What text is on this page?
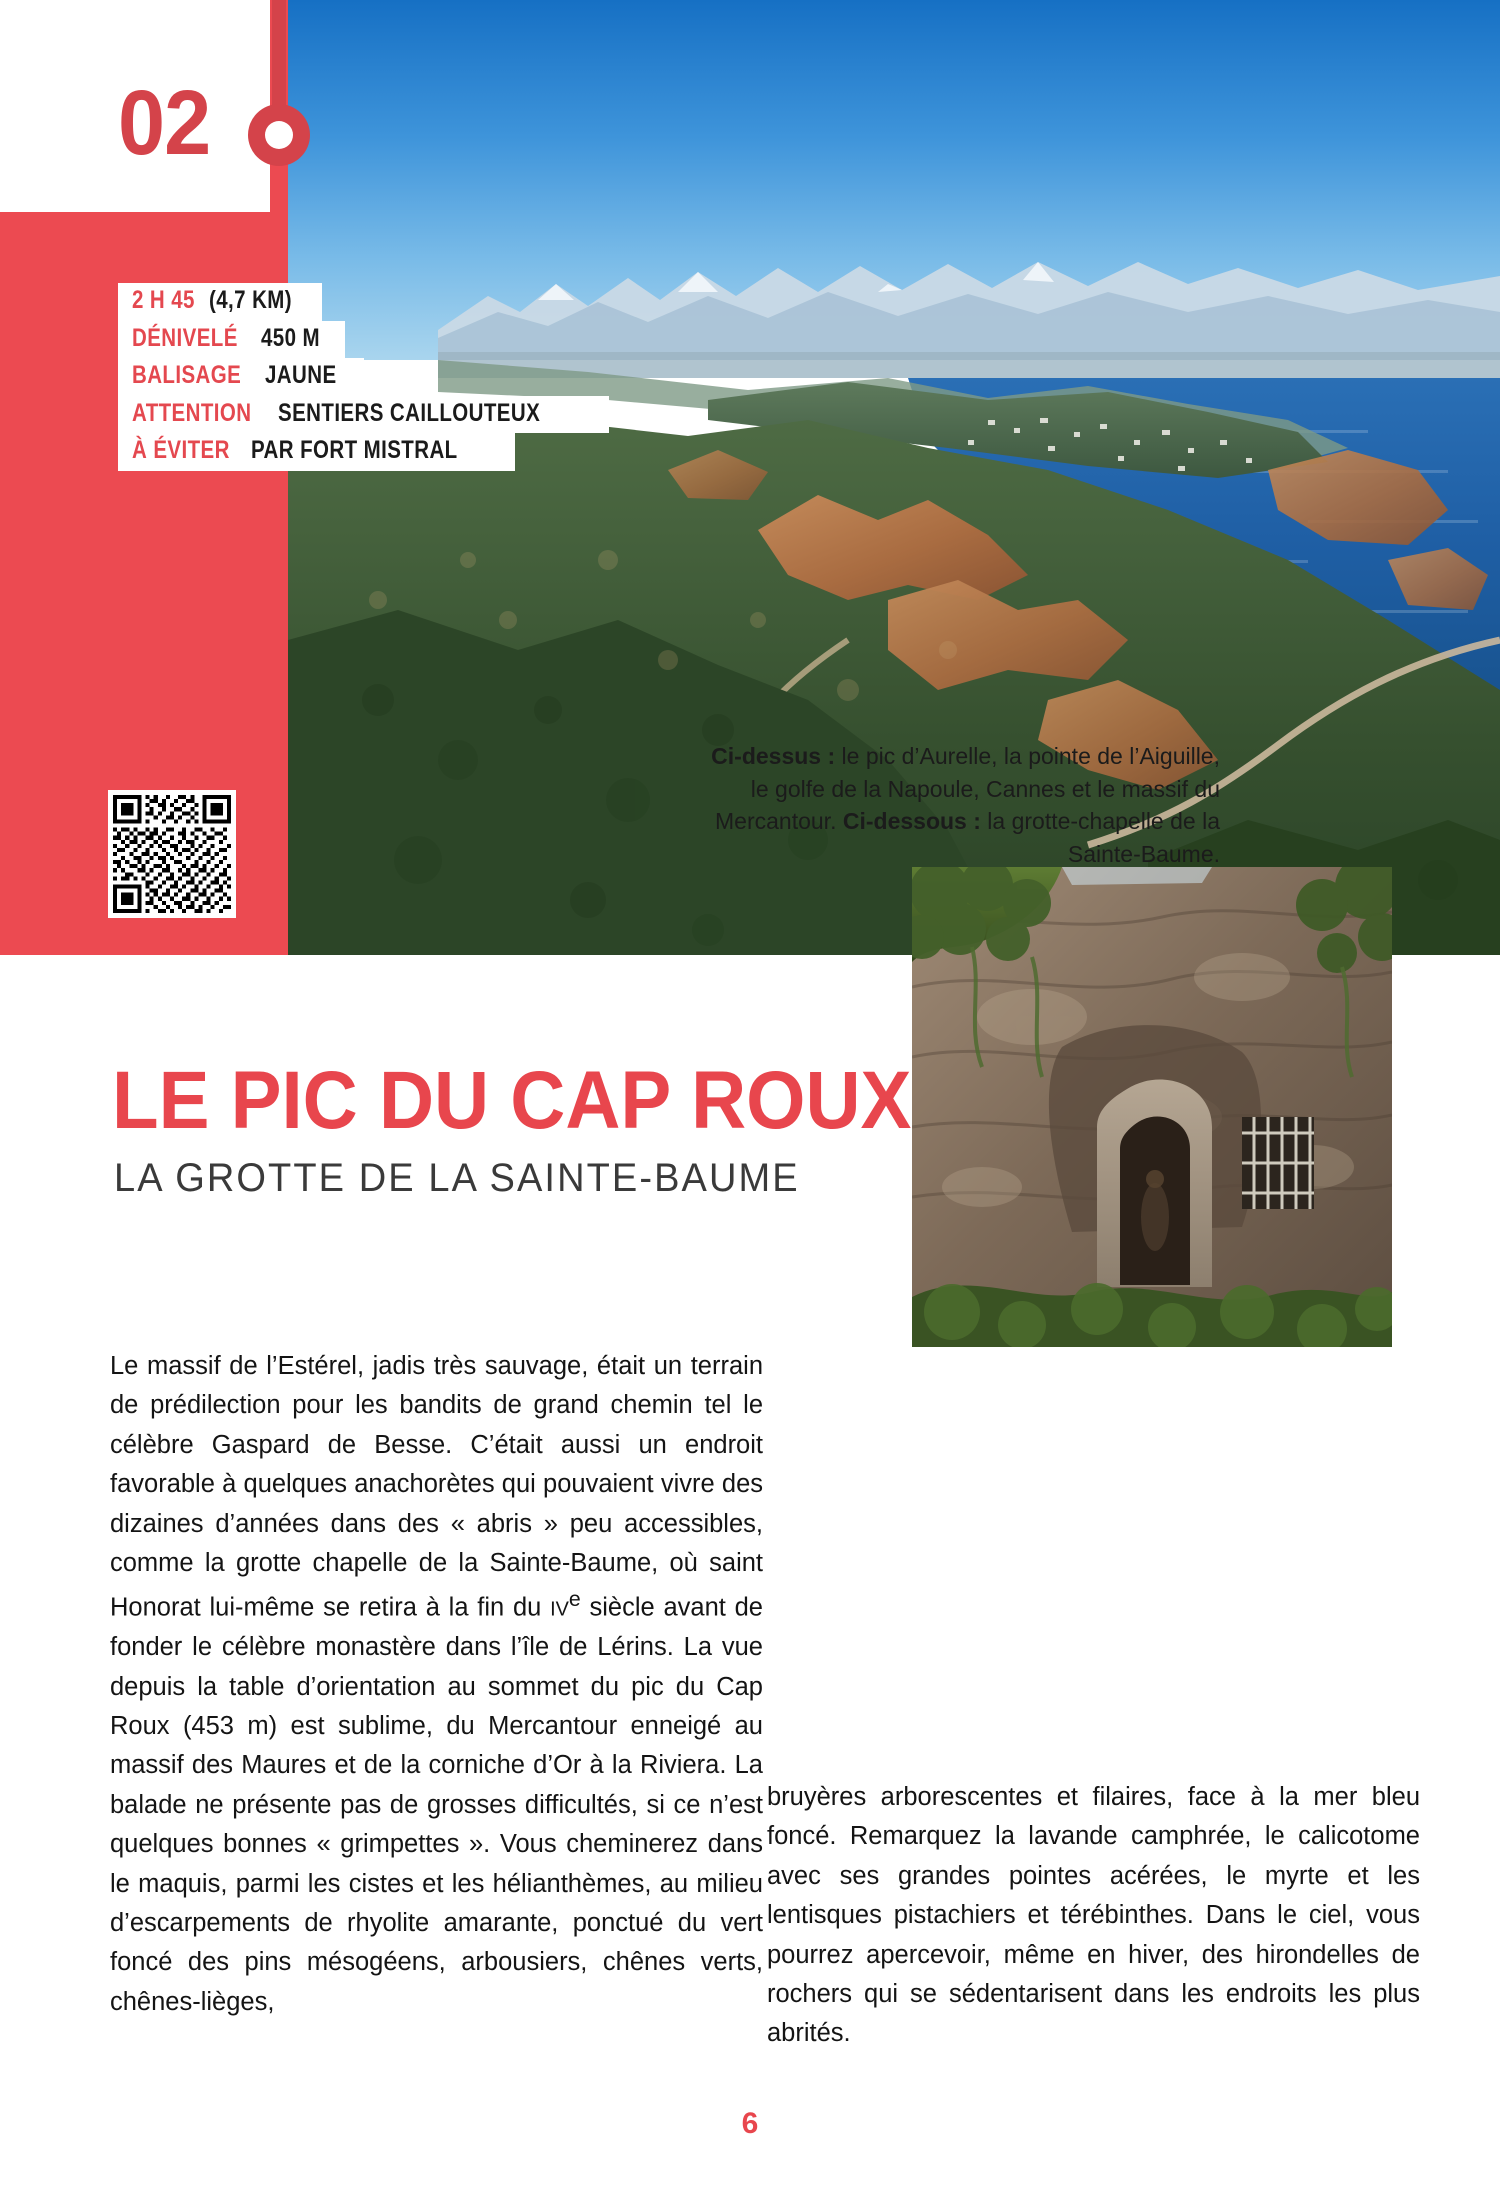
02
2 H 45 (4,7 KM)
DÉNIVELÉ 450 M
BALISAGE JAUNE
ATTENTION SENTIERS CAILLOUTEUX
À ÉVITER PAR FORT MISTRAL
Ci-dessus : le pic d’Aurelle, la pointe de l’Aiguille, le golfe de la Napoule, Cannes et le massif du Mercantour. Ci-dessous : la grotte-chapelle de la Sainte-Baume.
LE PIC DU CAP ROUX
LA GROTTE DE LA SAINTE-BAUME

Le massif de l’Estérel, jadis très sauvage, était un terrain de prédilection pour les bandits de grand chemin tel le célèbre Gaspard de Besse. C’était aussi un endroit favorable à quelques anachorètes qui pouvaient vivre des dizaines d’années dans des « abris » peu accessibles, comme la grotte chapelle de la Sainte-Baume, où saint Honorat lui-même se retira à la fin du IVe siècle avant de fonder le célèbre monastère dans l’île de Lérins. La vue depuis la table d’orientation au sommet du pic du Cap Roux (453 m) est sublime, du Mercantour enneigé au massif des Maures et de la corniche d’Or à la Riviera. La balade ne présente pas de grosses difficultés, si ce n’est quelques bonnes « grimpettes ». Vous cheminerez dans le maquis, parmi les cistes et les hélianthèmes, au milieu d’escarpements de rhyolite amarante, ponctué du vert foncé des pins mésogéens, arbousiers, chênes verts, chênes-lièges,

bruyères arborescentes et filaires, face à la mer bleu foncé. Remarquez la lavande camphrée, le calicotome avec ses grandes pointes acérées, le myrte et les lentisques pistachiers et térébinthes. Dans le ciel, vous pourrez apercevoir, même en hiver, des hirondelles de rochers qui se sédentarisent dans les endroits les plus abrités.

6
